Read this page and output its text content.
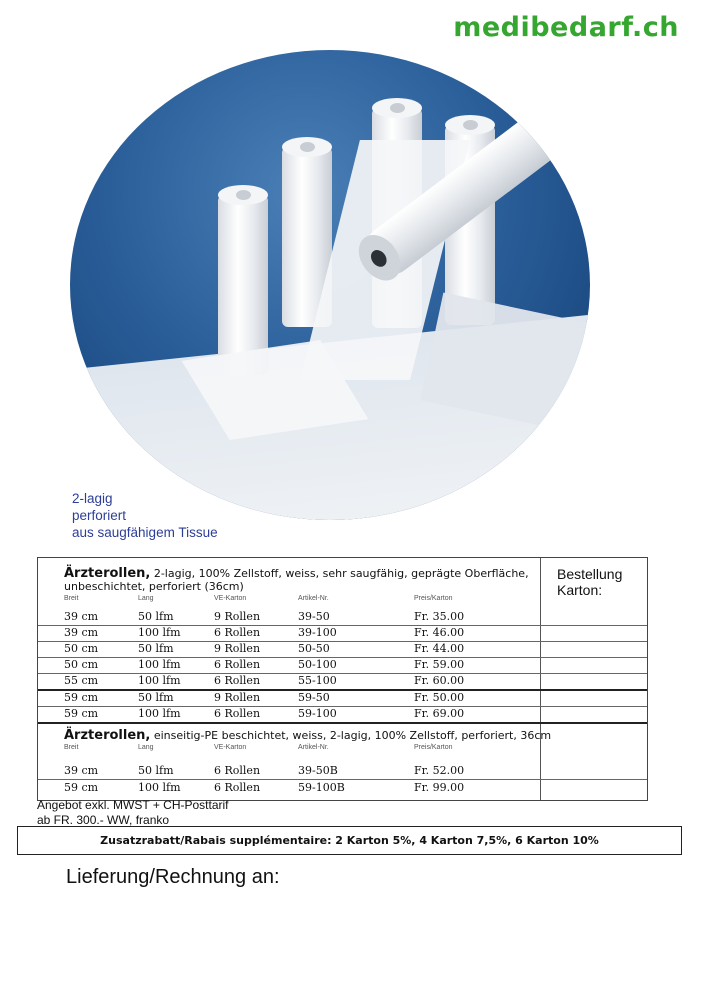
medibedarf.ch
2-lagig
perforiert
aus saugfähigem Tissue
Bestellung
Karton:
Ärzterollen, 2-lagig, 100% Zellstoff, weiss, sehr saugfähig, geprägte Oberfläche,
unbeschichtet, perforiert (36cm)
Breit	Lang	VE-Karton	Artikel-Nr.	Preis/Karton
39 cm	50 lfm	9 Rollen	39-50	Fr. 35.00
39 cm	100 lfm	6 Rollen	39-100	Fr. 46.00
50 cm	50 lfm	9 Rollen	50-50	Fr. 44.00
50 cm	100 lfm	6 Rollen	50-100	Fr. 59.00
55 cm	100 lfm	6 Rollen	55-100	Fr. 60.00
59 cm	50 lfm	9 Rollen	59-50	Fr. 50.00
59 cm	100 lfm	6 Rollen	59-100	Fr. 69.00
Ärzterollen, einseitig-PE beschichtet, weiss, 2-lagig, 100% Zellstoff, perforiert, 36cm
Breit	Lang	VE-Karton	Artikel-Nr.	Preis/Karton
39 cm	50 lfm	6 Rollen	39-50B	Fr. 52.00
59 cm	100 lfm	6 Rollen	59-100B	Fr. 99.00
Angebot exkl. MWST + CH-Posttarif
ab FR. 300.- WW, franko
Zusatzrabatt/Rabais supplémentaire: 2 Karton 5%, 4 Karton 7,5%, 6 Karton 10%
Lieferung/Rechnung an:
